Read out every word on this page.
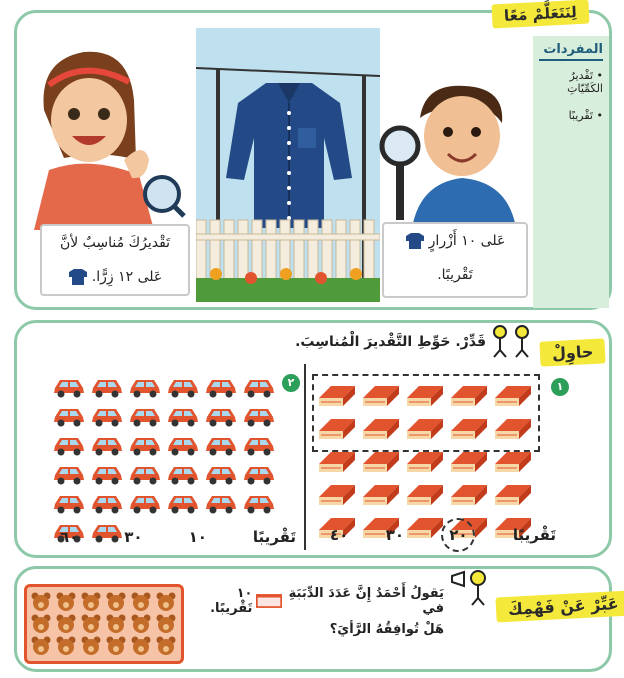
لِنَتَعَلَّمْ مَعًا
المفردات
• تَقْديرُ الكَمِّيّاتِ
• تَقْريبًا
تَقْديرُكَ مُناسِبٌ لأنَّ
عَلى ١٢ زِرًّا.
عَلى ١٠ أَزْرارٍ
تَقْريبًا.
حاوِلْ
قَدِّرْ. حَوِّطِ التَّقْديرَ الْمُناسِبَ.
١
٤٠ ٣٠	٢٠	تَقْريبًا
٢
٦٠	٣٠	١٠	تَقْريبًا
عَبِّرْ عَنْ فَهْمِكَ
يَقولُ أَحْمَدُ إِنَّ عَدَدَ الدِّبَبَةِ في
١٠ تَقْريبًا.
هَلْ تُوافِقُهُ الرَّأيَ؟
